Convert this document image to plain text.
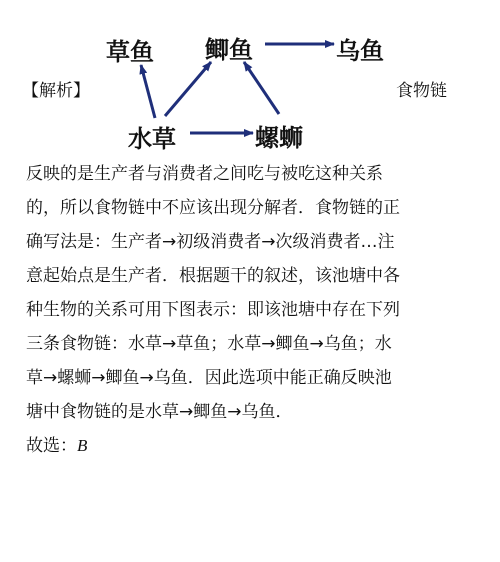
【解析】	食物链
草鱼 鲫鱼	乌鱼
水草	螺蛳
反映的是生产者与消费者之间吃与被吃这种关系
的，所以食物链中不应该出现分解者．食物链的正
确写法是：生产者→初级消费者→次级消费者…注
意起始点是生产者．根据题干的叙述，该池塘中各
种生物的关系可用下图表示：即该池塘中存在下列
三条食物链：水草→草鱼；水草→鲫鱼→乌鱼；水
草→螺蛳→鲫鱼→乌鱼．因此选项中能正确反映池
塘中食物链的是水草→鲫鱼→乌鱼．
故选：B
